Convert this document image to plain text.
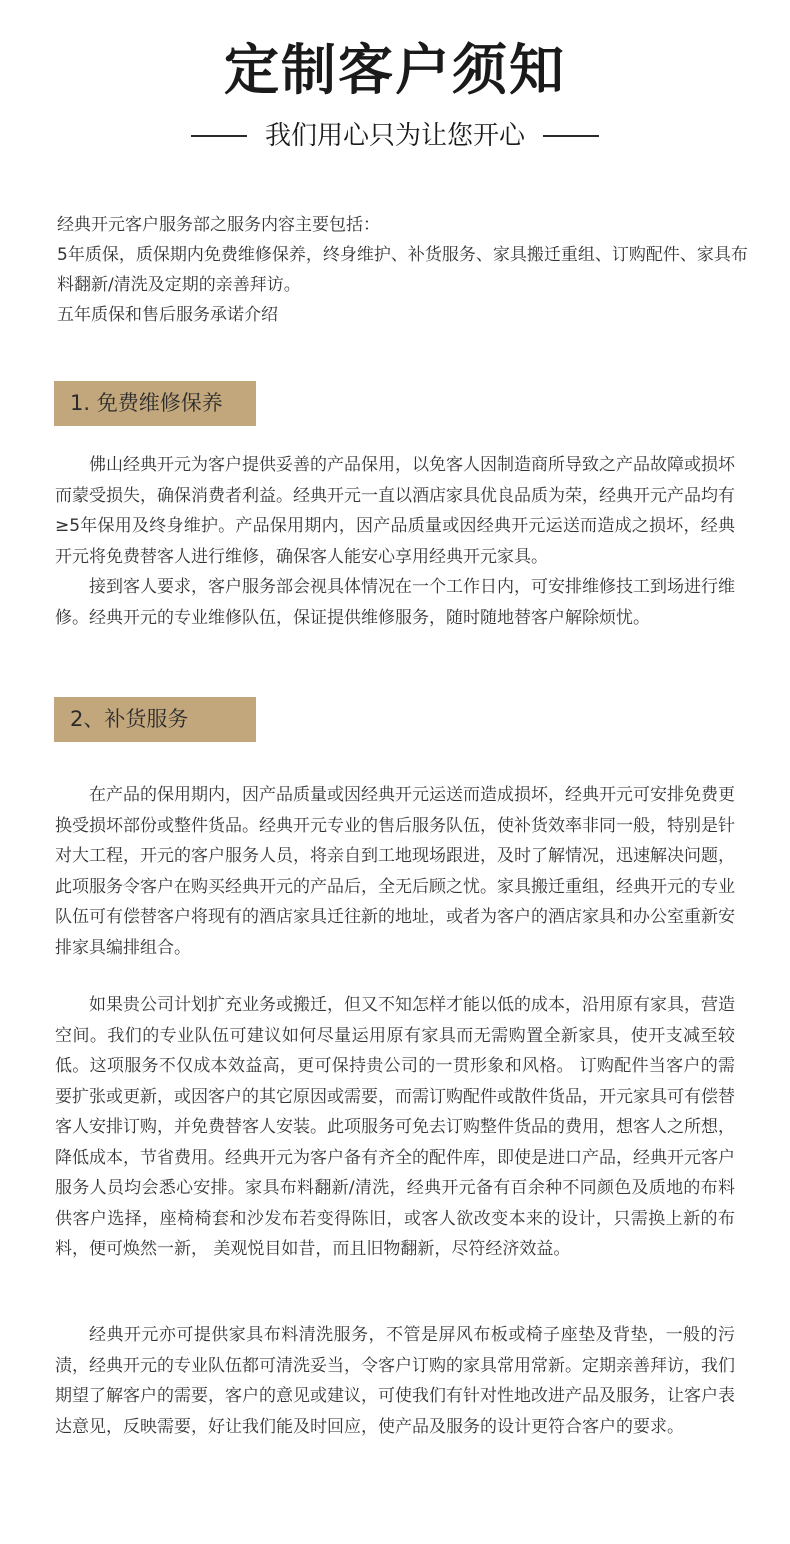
定制客户须知
我们用心只为让您开心

经典开元客户服务部之服务内容主要包括：

5年质保，质保期内免费维修保养，终身维护、补货服务、家具搬迁重组、订购配件、家具布料翻新/清洗及定期的亲善拜访。

五年质保和售后服务承诺介绍

1. 免费维修保养

佛山经典开元为客户提供妥善的产品保用，以免客人因制造商所导致之产品故障或损坏而蒙受损失，确保消费者利益。经典开元一直以酒店家具优良品质为荣，经典开元产品均有≥5年保用及终身维护。产品保用期内，因产品质量或因经典开元运送而造成之损坏，经典开元将免费替客人进行维修，确保客人能安心享用经典开元家具。

接到客人要求，客户服务部会视具体情况在一个工作日内，可安排维修技工到场进行维修。经典开元的专业维修队伍，保证提供维修服务，随时随地替客户解除烦忧。

2、补货服务

在产品的保用期内，因产品质量或因经典开元运送而造成损坏，经典开元可安排免费更换受损坏部份或整件货品。经典开元专业的售后服务队伍，使补货效率非同一般，特别是针对大工程，开元的客户服务人员，将亲自到工地现场跟进，及时了解情况，迅速解决问题，此项服务令客户在购买经典开元的产品后，全无后顾之忧。家具搬迁重组，经典开元的专业队伍可有偿替客户将现有的酒店家具迁往新的地址，或者为客户的酒店家具和办公室重新安排家具编排组合。

如果贵公司计划扩充业务或搬迁，但又不知怎样才能以低的成本，沿用原有家具，营造空间。我们的专业队伍可建议如何尽量运用原有家具而无需购置全新家具，使开支减至较低。这项服务不仅成本效益高，更可保持贵公司的一贯形象和风格。 订购配件当客户的需要扩张或更新，或因客户的其它原因或需要，而需订购配件或散件货品，开元家具可有偿替客人安排订购，并免费替客人安装。此项服务可免去订购整件货品的费用，想客人之所想，降低成本，节省费用。经典开元为客户备有齐全的配件库，即使是进口产品，经典开元客户服务人员均会悉心安排。家具布料翻新/清洗，经典开元备有百余种不同颜色及质地的布料供客户选择，座椅椅套和沙发布若变得陈旧，或客人欲改变本来的设计，只需换上新的布料，便可焕然一新， 美观悦目如昔，而且旧物翻新，尽符经济效益。

经典开元亦可提供家具布料清洗服务，不管是屏风布板或椅子座垫及背垫，一般的污渍，经典开元的专业队伍都可清洗妥当，令客户订购的家具常用常新。定期亲善拜访，我们期望了解客户的需要，客户的意见或建议，可使我们有针对性地改进产品及服务，让客户表达意见，反映需要，好让我们能及时回应，使产品及服务的设计更符合客户的要求。
